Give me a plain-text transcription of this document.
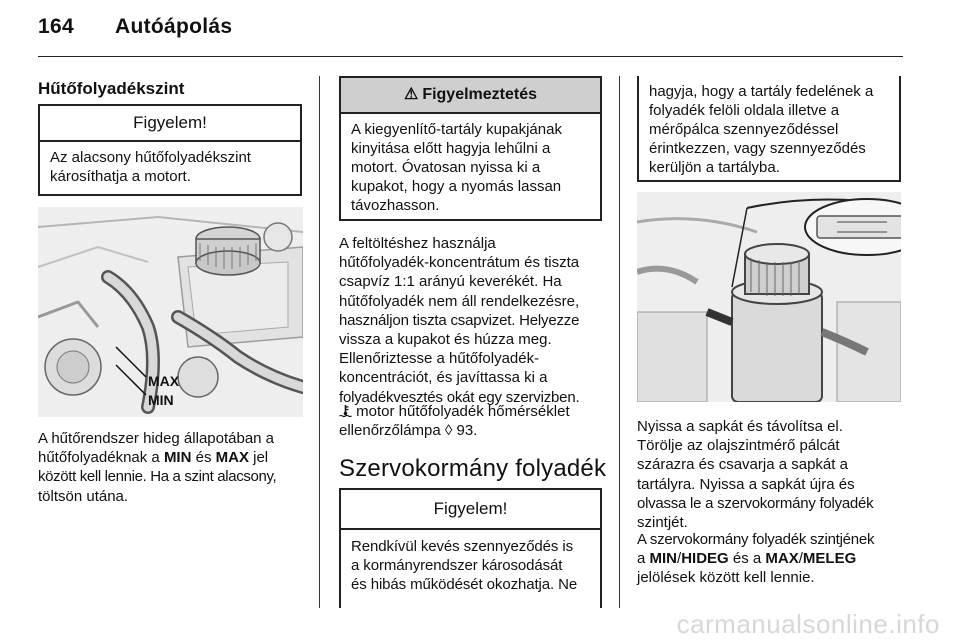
164 Autóápolás
Hűtőfolyadékszint
Figyelem!
Az alacsony hűtőfolyadékszint
károsíthatja a motort.
MAX
MIN
A hűtőrendszer hideg állapotában a
hűtőfolyadéknak a MIN és MAX jel
között kell lennie. Ha a szint alacsony,
töltsön utána.
⚠ Figyelmeztetés
A kiegyenlítő-tartály kupakjának
kinyitása előtt hagyja lehűlni a
motort. Óvatosan nyissa ki a
kupakot, hogy a nyomás lassan
távozhasson.
A feltöltéshez használja
hűtőfolyadék-koncentrátum és tiszta
csapvíz 1:1 arányú keverékét. Ha
hűtőfolyadék nem áll rendelkezésre,
használjon tiszta csapvizet. Helyezze
vissza a kupakot és húzza meg.
Ellenőriztesse a hűtőfolyadék-
koncentrációt, és javíttassa ki a
folyadékvesztés okát egy szervizben.
motor hűtőfolyadék hőmérséklet
ellenőrzőlámpa ◊ 93.
Szervokormány folyadék
Figyelem!
Rendkívül kevés szennyeződés is
a kormányrendszer károsodását
és hibás működését okozhatja. Ne
hagyja, hogy a tartály fedelének a
folyadék felöli oldala illetve a
mérőpálca szennyeződéssel
érintkezzen, vagy szennyeződés
kerüljön a tartályba.
Nyissa a sapkát és távolítsa el.
Törölje az olajszintmérő pálcát
szárazra és csavarja a sapkát a
tartályra. Nyissa a sapkát újra és
olvassa le a szervokormány folyadék
szintjét.
A szervokormány folyadék szintjének
a MIN/HIDEG és a MAX/MELEG
jelölések között kell lennie.
carmanualsonline.info
